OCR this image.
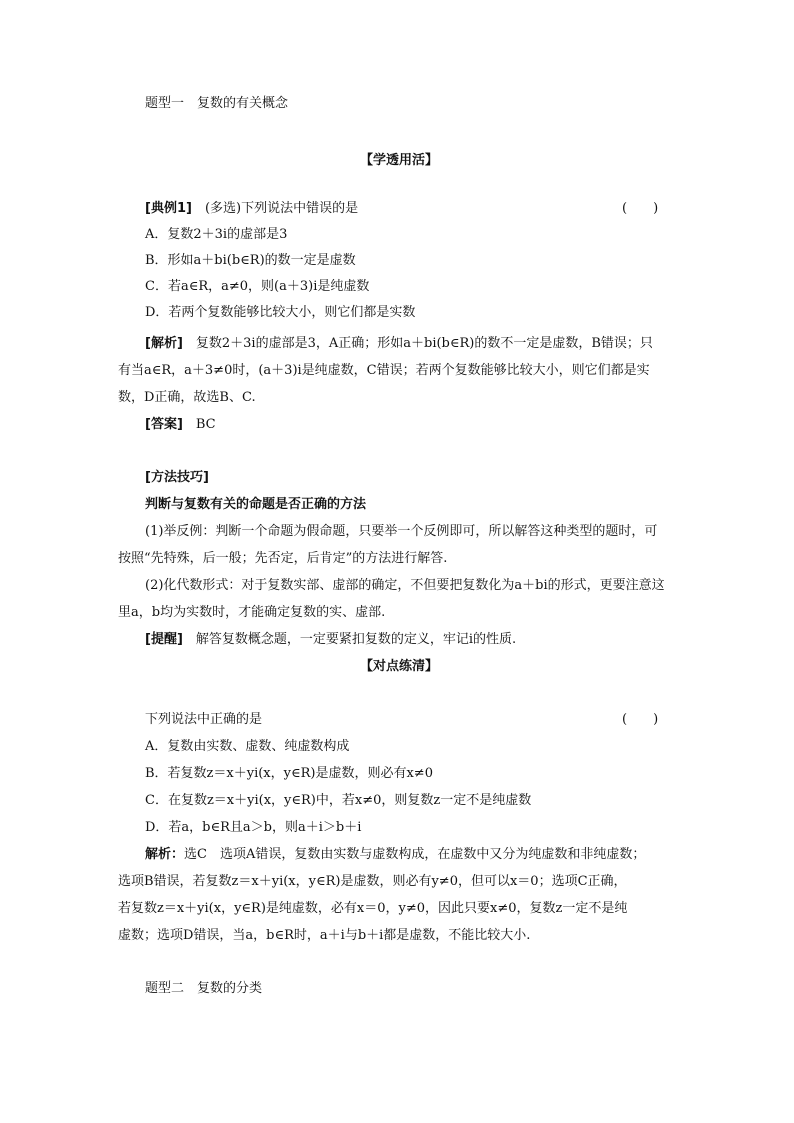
题型一　复数的有关概念
【学透用活】
[典例1]　(多选)下列说法中错误的是	(　　)
A．复数2＋3i的虚部是3
B．形如a＋bi(b∈R)的数一定是虚数
C．若a∈R，a≠0，则(a＋3)i是纯虚数
D．若两个复数能够比较大小，则它们都是实数
[解析]　复数2＋3i的虚部是3，A正确；形如a＋bi(b∈R)的数不一定是虚数，B错误；只
有当a∈R，a＋3≠0时，(a＋3)i是纯虚数，C错误；若两个复数能够比较大小，则它们都是实
数，D正确，故选B、C.
[答案]　BC
[方法技巧]
判断与复数有关的命题是否正确的方法
(1)举反例：判断一个命题为假命题，只要举一个反例即可，所以解答这种类型的题时，可
按照“先特殊，后一般；先否定，后肯定”的方法进行解答.
(2)化代数形式：对于复数实部、虚部的确定，不但要把复数化为a＋bi的形式，更要注意这
里a，b均为实数时，才能确定复数的实、虚部.
[提醒]　解答复数概念题，一定要紧扣复数的定义，牢记i的性质.
【对点练清】
下列说法中正确的是	(　　)
A．复数由实数、虚数、纯虚数构成
B．若复数z＝x＋yi(x，y∈R)是虚数，则必有x≠0
C．在复数z＝x＋yi(x，y∈R)中，若x≠0，则复数z一定不是纯虚数
D．若a，b∈R且a＞b，则a＋i＞b＋i
解析：选C　选项A错误，复数由实数与虚数构成，在虚数中又分为纯虚数和非纯虚数；
选项B错误，若复数z＝x＋yi(x，y∈R)是虚数，则必有y≠0，但可以x＝0；选项C正确，
若复数z＝x＋yi(x，y∈R)是纯虚数，必有x＝0，y≠0，因此只要x≠0，复数z一定不是纯
虚数；选项D错误，当a，b∈R时，a＋i与b＋i都是虚数，不能比较大小.
题型二　复数的分类
